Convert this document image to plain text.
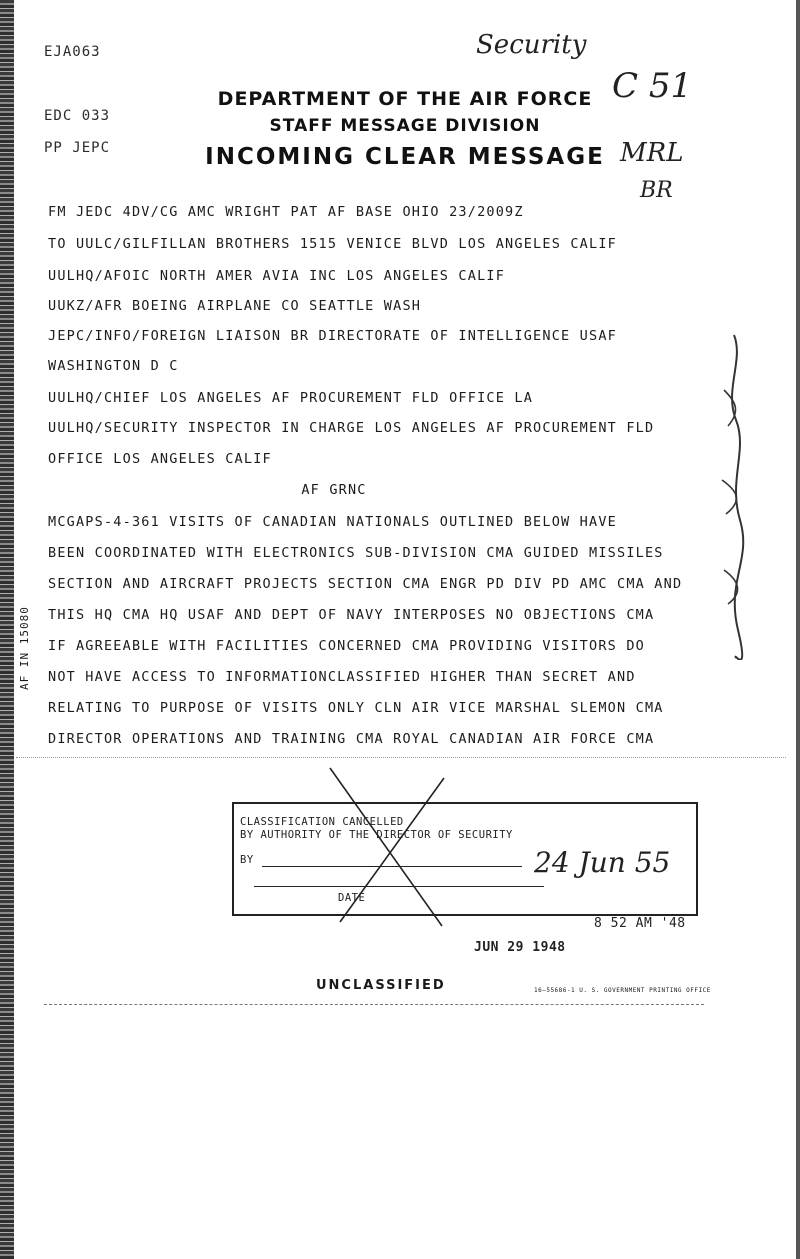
EJA063
EDC 033
PP JEPC
DEPARTMENT OF THE AIR FORCE
STAFF MESSAGE DIVISION
INCOMING CLEAR MESSAGE
Security
C 51
MRL
BR
FM JEDC 4DV/CG AMC WRIGHT PAT AF BASE OHIO 23/2009Z
TO UULC/GILFILLAN BROTHERS 1515 VENICE BLVD LOS ANGELES CALIF
UULHQ/AFOIC NORTH AMER AVIA INC LOS ANGELES CALIF
UUKZ/AFR BOEING AIRPLANE CO SEATTLE WASH
JEPC/INFO/FOREIGN LIAISON BR DIRECTORATE OF INTELLIGENCE USAF
WASHINGTON D C
UULHQ/CHIEF LOS ANGELES AF PROCUREMENT FLD OFFICE LA
UULHQ/SECURITY INSPECTOR IN CHARGE LOS ANGELES AF PROCUREMENT FLD
OFFICE LOS ANGELES CALIF
AF GRNC
MCGAPS-4-361 VISITS OF CANADIAN NATIONALS OUTLINED BELOW HAVE
BEEN COORDINATED WITH ELECTRONICS SUB-DIVISION CMA GUIDED MISSILES
SECTION AND AIRCRAFT PROJECTS SECTION CMA ENGR PD DIV PD AMC CMA AND
THIS HQ CMA HQ USAF AND DEPT OF NAVY INTERPOSES NO OBJECTIONS CMA
IF AGREEABLE WITH FACILITIES CONCERNED CMA PROVIDING VISITORS DO
NOT HAVE ACCESS TO INFORMATIONCLASSIFIED HIGHER THAN SECRET AND
RELATING TO PURPOSE OF VISITS ONLY CLN AIR VICE MARSHAL SLEMON CMA
DIRECTOR OPERATIONS AND TRAINING CMA ROYAL CANADIAN AIR FORCE CMA
AF IN 15080
CLASSIFICATION CANCELLED
BY AUTHORITY OF THE DIRECTOR OF SECURITY
BY
DATE
24 Jun 55
8 52 AM '48
JUN 29 1948
UNCLASSIFIED	16—55686-1 U. S. GOVERNMENT PRINTING OFFICE
